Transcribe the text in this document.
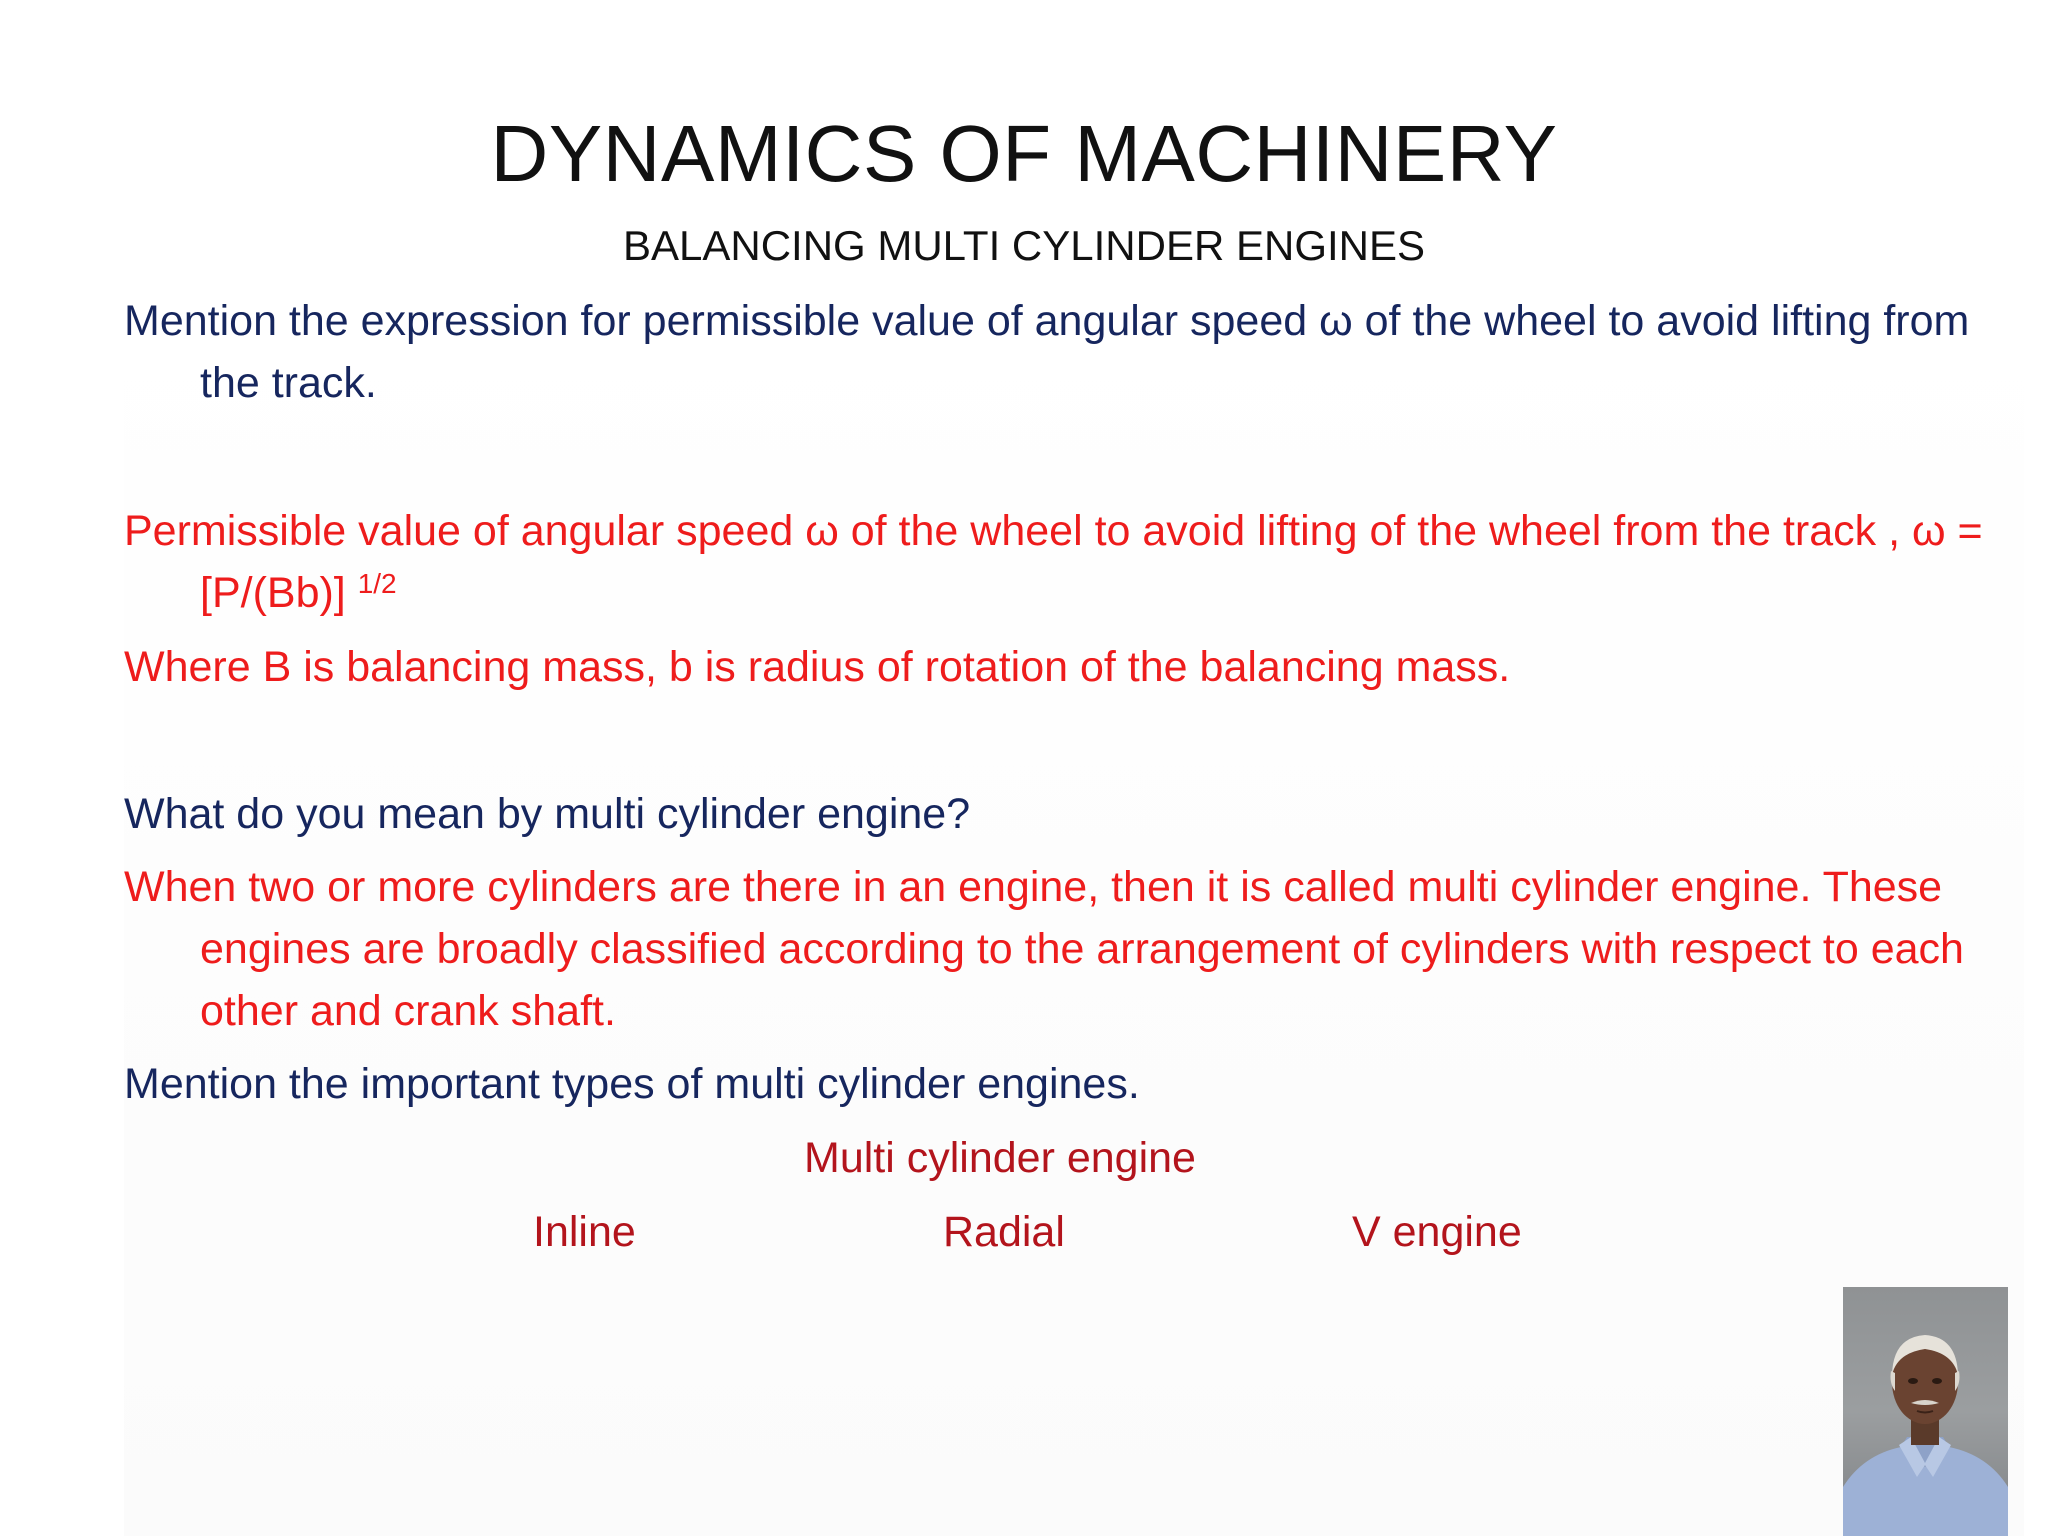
DYNAMICS OF MACHINERY
BALANCING MULTI CYLINDER ENGINES

Mention the expression for permissible value of angular speed ω of the wheel to avoid lifting from the track.

Permissible value of angular speed ω of the wheel to avoid lifting of the wheel from the track , ω = [P/(Bb)] $^{1/2}$

Where B is balancing mass, b is radius of rotation of the balancing mass.

What do you mean by multi cylinder engine?

When two or more cylinders are there in an engine, then it is called multi cylinder engine. These engines are broadly classified according to the arrangement of cylinders with respect to each other and crank shaft.

Mention the important types of multi cylinder engines.

Multi cylinder engine
Inline	Radial	V engine
